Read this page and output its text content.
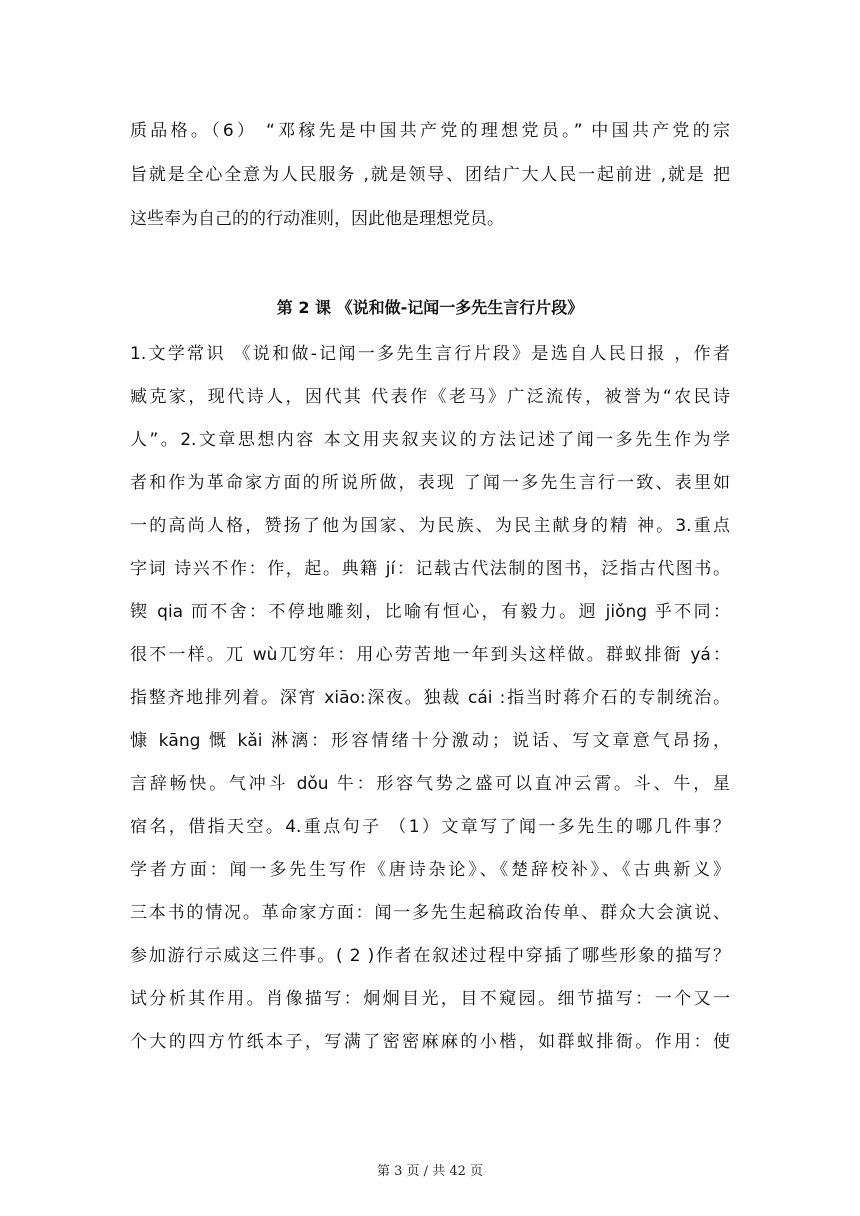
质品格。（6） “邓稼先是中国共产党的理想党员。” 中国共产党的宗
旨就是全心全意为人民服务 ,就是领导、团结广大人民一起前进 ,就是 把
这些奉为自己的的行动准则，因此他是理想党员。
第 2 课 《说和做-记闻一多先生言行片段》
1.文学常识 《说和做-记闻一多先生言行片段》是选自人民日报 ，作者
臧克家，现代诗人，因代其 代表作《老马》广泛流传，被誉为“农民诗
人”。2.文章思想内容 本文用夹叙夹议的方法记述了闻一多先生作为学
者和作为革命家方面的所说所做，表现 了闻一多先生言行一致、表里如
一的高尚人格，赞扬了他为国家、为民族、为民主献身的精 神。3.重点
字词 诗兴不作：作，起。典籍 jí：记载古代法制的图书，泛指古代图书。
锲 qia 而不舍：不停地雕刻，比喻有恒心，有毅力。迥 jiǒng 乎不同：
很不一样。兀 wù兀穷年：用心劳苦地一年到头这样做。群蚁排衙 yá：
指整齐地排列着。深宵 xiāo:深夜。独裁 cái :指当时蒋介石的专制统治。
慷 kāng 慨 kǎi 淋漓：形容情绪十分激动；说话、写文章意气昂扬，
言辞畅快。气冲斗 dǒu 牛：形容气势之盛可以直冲云霄。斗、牛，星
宿名，借指天空。4.重点句子 （1）文章写了闻一多先生的哪几件事？
学者方面：闻一多先生写作《唐诗杂论》、《楚辞校补》、《古典新义》
三本书的情况。革命家方面：闻一多先生起稿政治传单、群众大会演说、
参加游行示威这三件事。( 2 )作者在叙述过程中穿插了哪些形象的描写？
试分析其作用。肖像描写：炯炯目光，目不窥园。细节描写：一个又一
个大的四方竹纸本子，写满了密密麻麻的小楷，如群蚁排衙。作用：使
第 3 页 / 共 42 页
